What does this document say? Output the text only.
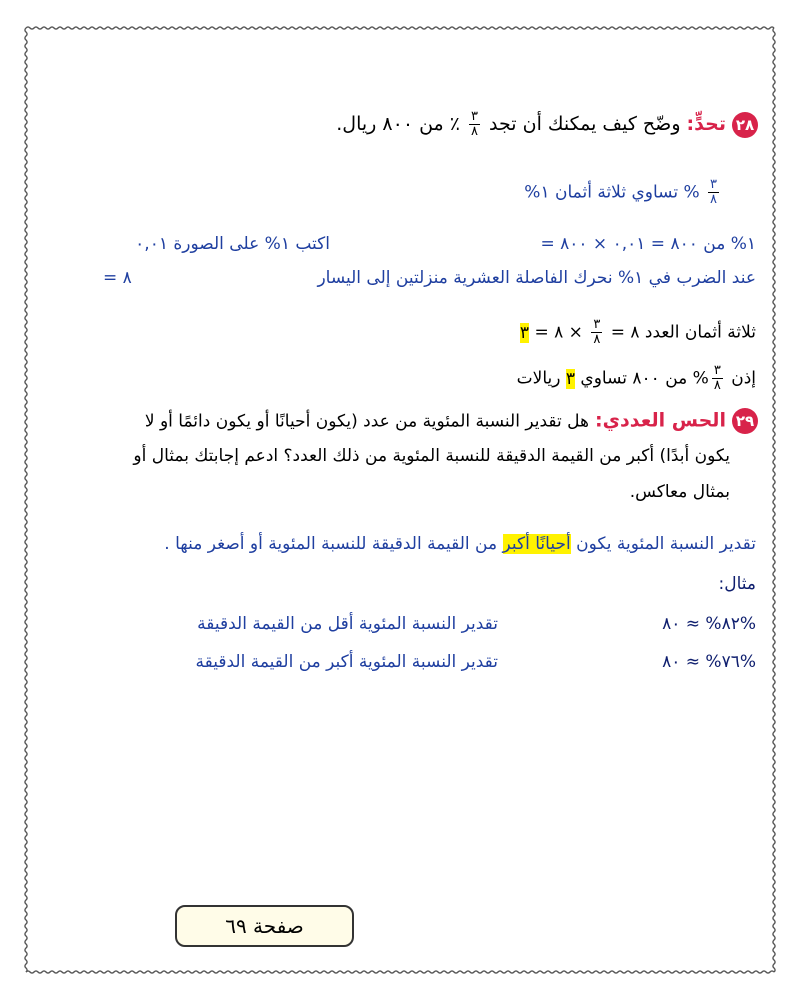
٢٨ تحدٍّ: وضّح كيف يمكنك أن تجد
$\frac{٣}{٨}$
٪ من ٨٠٠ ريال.
$\frac{٣}{٨}$
% تساوي ثلاثة أثمان ١%
١% من ٨٠٠ = ٠,٠١ × ٨٠٠ =
اكتب ١% على الصورة ٠,٠١
= ٨	عند الضرب في ١% نحرك الفاصلة العشرية منزلتين إلى اليسار
ثلاثة أثمان العدد ٨ =
$\frac{٣}{٨}$
× ٨ = ٣
إذن
$\frac{٣}{٨}$
% من ٨٠٠ تساوي ٣ ريالات
٢٩ الحس العددي: هل تقدير النسبة المئوية من عدد (يكون أحيانًا أو يكون دائمًا أو لا
يكون أبدًا) أكبر من القيمة الدقيقة للنسبة المئوية من ذلك العدد؟ ادعم إجابتك بمثال أو
بمثال معاكس.
تقدير النسبة المئوية يكون أحيانًا أكبر من القيمة الدقيقة للنسبة المئوية أو أصغر منها .
مثال:
٨٢% ≈ ٨٠%
تقدير النسبة المئوية أقل من القيمة الدقيقة
٧٦% ≈ ٨٠%
تقدير النسبة المئوية أكبر من القيمة الدقيقة
صفحة ٦٩
